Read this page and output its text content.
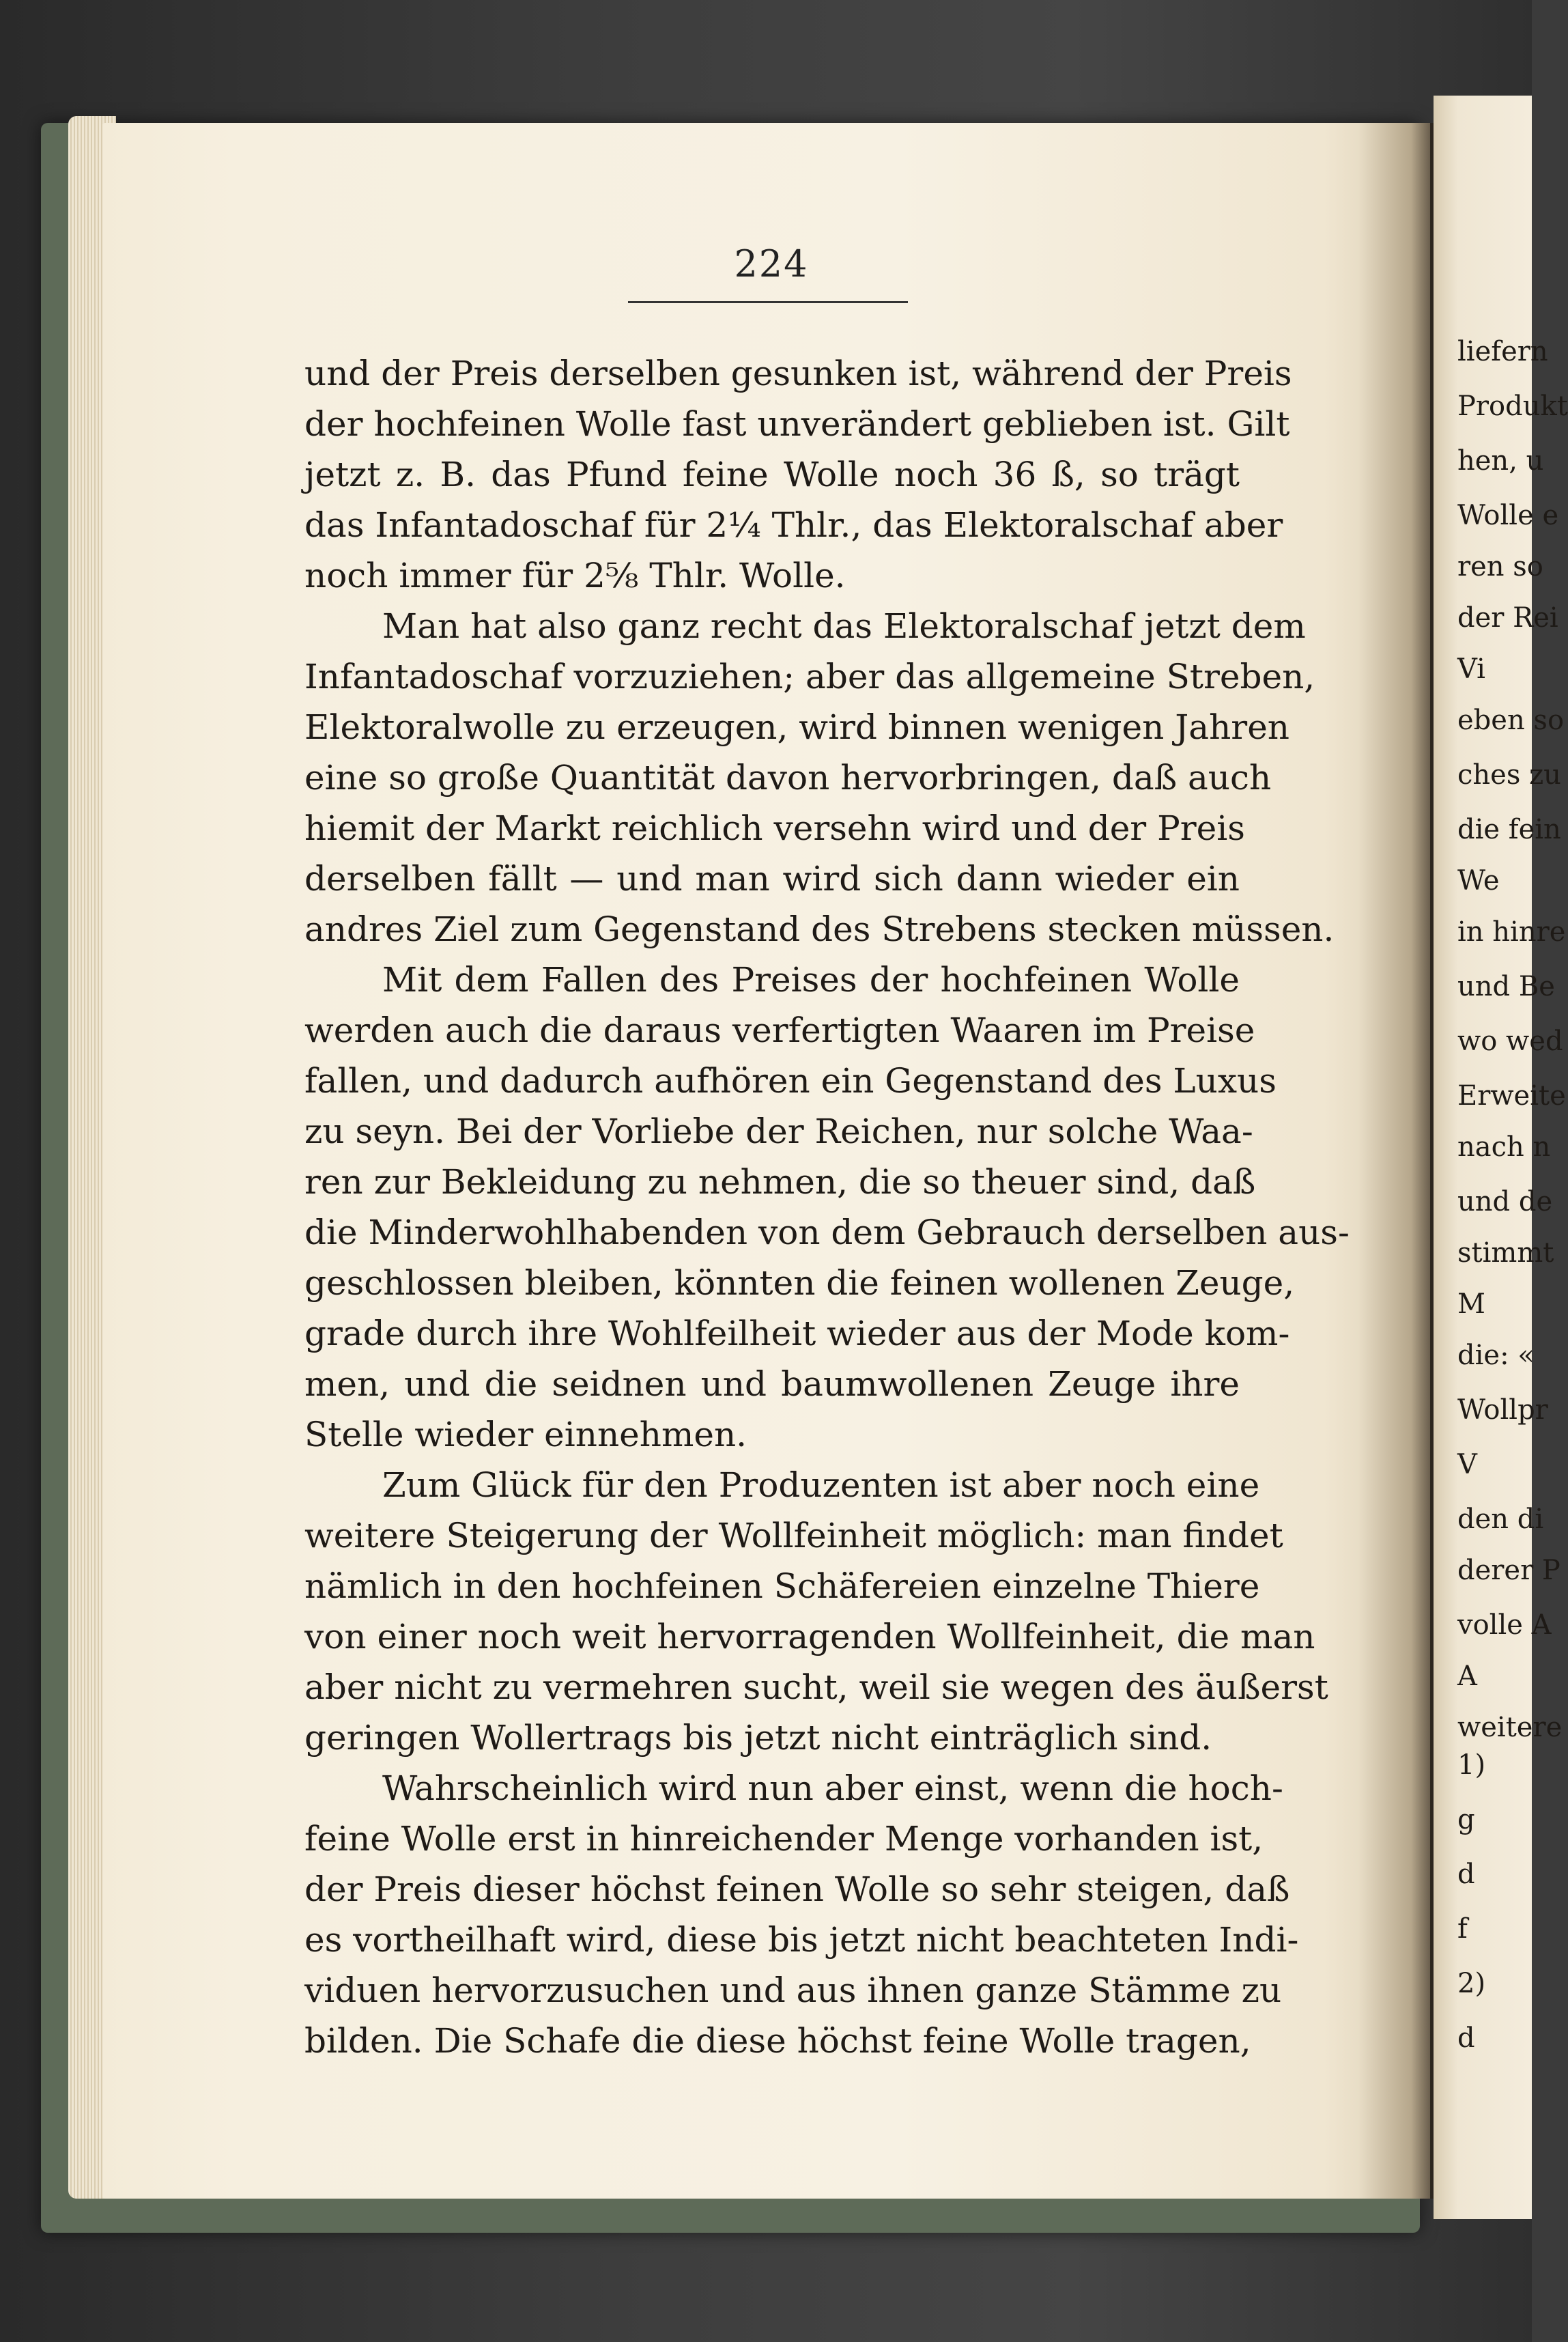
224
und der Preis derselben gesunken ist, während der Preis
der hochfeinen Wolle fast unverändert geblieben ist. Gilt
jetzt z. B. das Pfund feine Wolle noch 36 ß, so trägt
das Infantadoschaf für 2¼ Thlr., das Elektoralschaf aber
noch immer für 2⅝ Thlr. Wolle.
Man hat also ganz recht das Elektoralschaf jetzt dem
Infantadoschaf vorzuziehen; aber das allgemeine Streben,
Elektoralwolle zu erzeugen, wird binnen wenigen Jahren
eine so große Quantität davon hervorbringen, daß auch
hiemit der Markt reichlich versehn wird und der Preis
derselben fällt — und man wird sich dann wieder ein
andres Ziel zum Gegenstand des Strebens stecken müssen.
Mit dem Fallen des Preises der hochfeinen Wolle
werden auch die daraus verfertigten Waaren im Preise
fallen, und dadurch aufhören ein Gegenstand des Luxus
zu seyn. Bei der Vorliebe der Reichen, nur solche Waa-
ren zur Bekleidung zu nehmen, die so theuer sind, daß
die Minderwohlhabenden von dem Gebrauch derselben aus-
geschlossen bleiben, könnten die feinen wollenen Zeuge,
grade durch ihre Wohlfeilheit wieder aus der Mode kom-
men, und die seidnen und baumwollenen Zeuge ihre
Stelle wieder einnehmen.
Zum Glück für den Produzenten ist aber noch eine
weitere Steigerung der Wollfeinheit möglich: man findet
nämlich in den hochfeinen Schäfereien einzelne Thiere
von einer noch weit hervorragenden Wollfeinheit, die man
aber nicht zu vermehren sucht, weil sie wegen des äußerst
geringen Wollertrags bis jetzt nicht einträglich sind.
Wahrscheinlich wird nun aber einst, wenn die hoch-
feine Wolle erst in hinreichender Menge vorhanden ist,
der Preis dieser höchst feinen Wolle so sehr steigen, daß
es vortheilhaft wird, diese bis jetzt nicht beachteten Indi-
viduen hervorzusuchen und aus ihnen ganze Stämme zu
bilden. Die Schafe die diese höchst feine Wolle tragen,
liefern
Produkt
hen, u
Wolle e
ren so
der Rei
Vi
eben so
ches zu
die fein
We
in hinre
und Be
wo wed
Erweite
nach n
und de
stimmt
M
die: «
Wollpr
V
den di
derer P
volle A
A
weitere
1)
g
d
f
2)
d
